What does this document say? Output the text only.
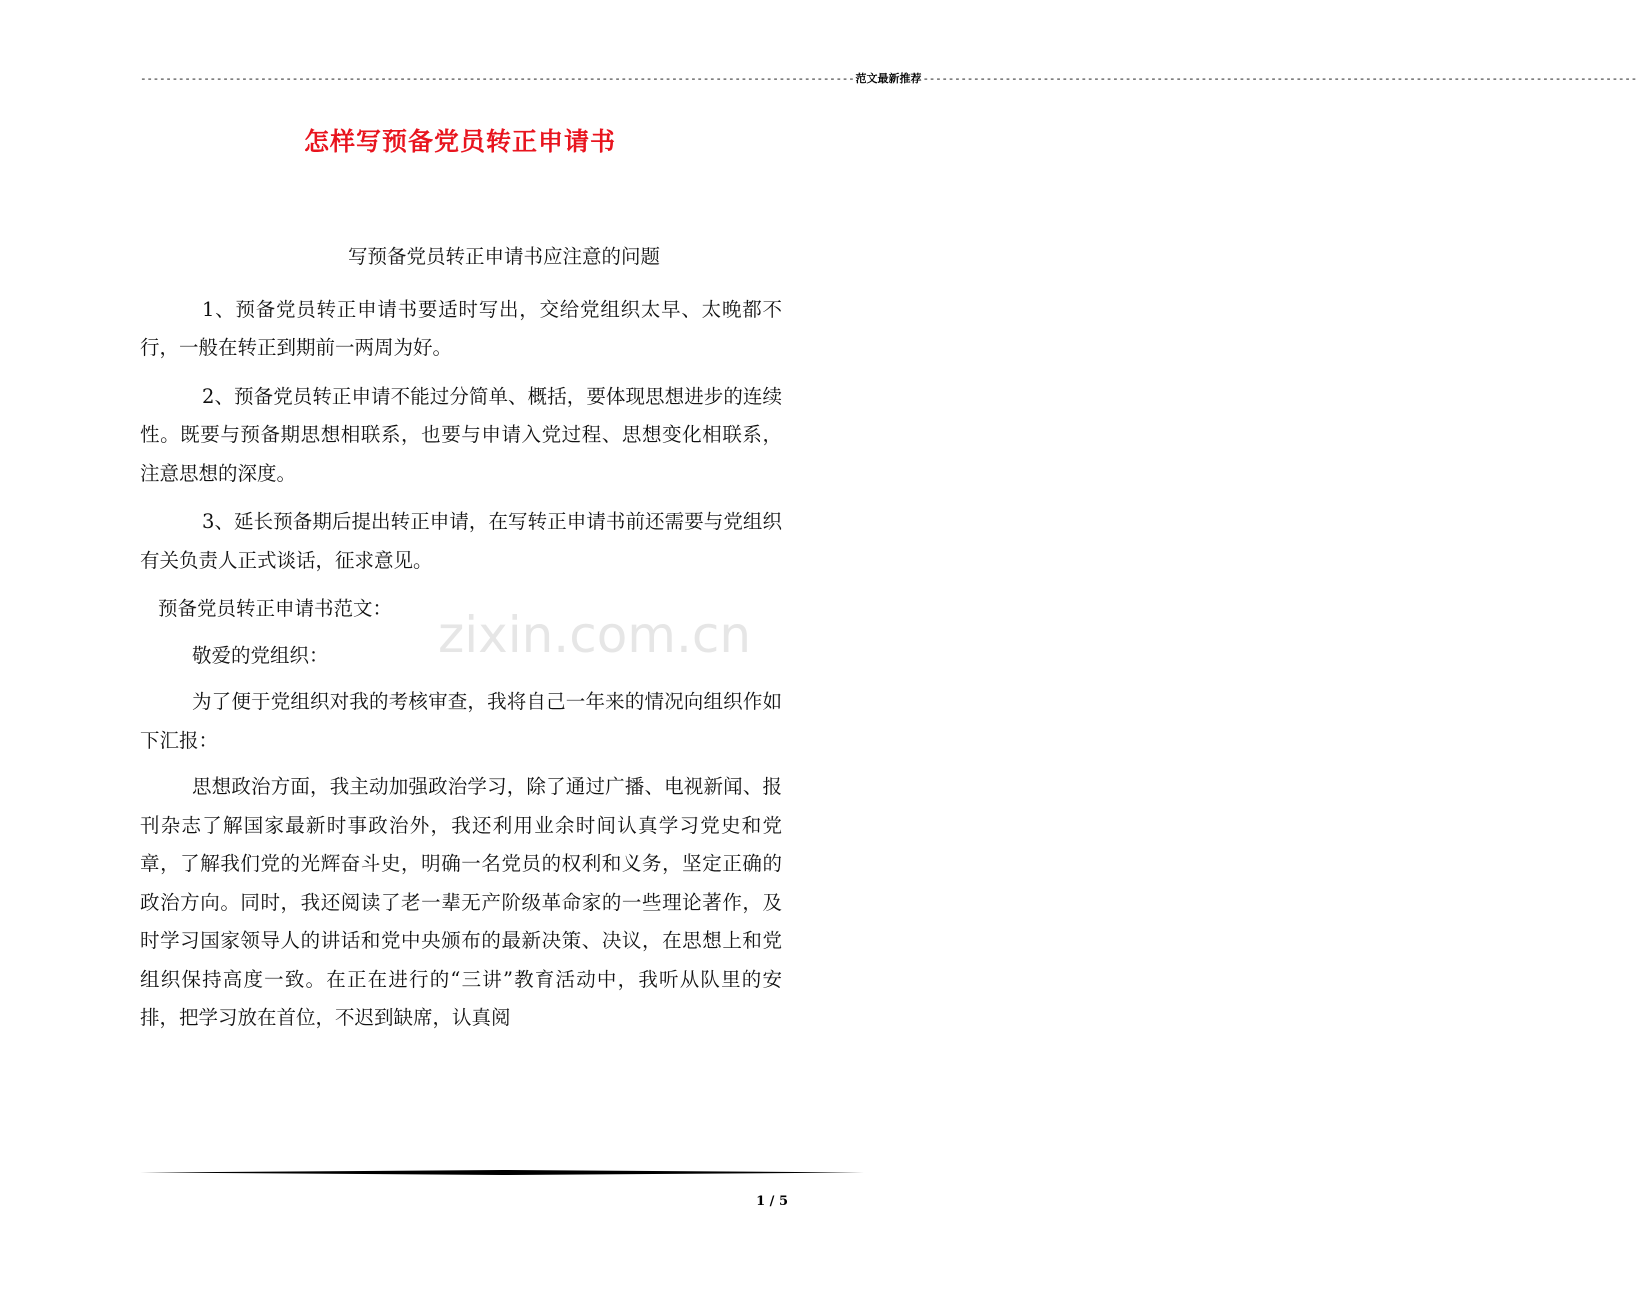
----------------------------------------------------------------------------------------------------------------- 范文最新推荐 -----------------------------------------------------------------------------------------------------------------
怎样写预备党员转正申请书
zixin.com.cn

写预备党员转正申请书应注意的问题

1、预备党员转正申请书要适时写出，交给党组织太早、太晚都不行，一般在转正到期前一两周为好。

2、预备党员转正申请不能过分简单、概括，要体现思想进步的连续性。既要与预备期思想相联系，也要与申请入党过程、思想变化相联系，注意思想的深度。

3、延长预备期后提出转正申请，在写转正申请书前还需要与党组织有关负责人正式谈话，征求意见。

预备党员转正申请书范文：

敬爱的党组织：

为了便于党组织对我的考核审查，我将自己一年来的情况向组织作如下汇报：

思想政治方面，我主动加强政治学习，除了通过广播、电视新闻、报刊杂志了解国家最新时事政治外，我还利用业余时间认真学习党史和党章，了解我们党的光辉奋斗史，明确一名党员的权利和义务，坚定正确的政治方向。同时，我还阅读了老一辈无产阶级革命家的一些理论著作，及时学习国家领导人的讲话和党中央颁布的最新决策、决议，在思想上和党组织保持高度一致。在正在进行的“三讲”教育活动中，我听从队里的安排，把学习放在首位，不迟到缺席，认真阅

1 / 5
